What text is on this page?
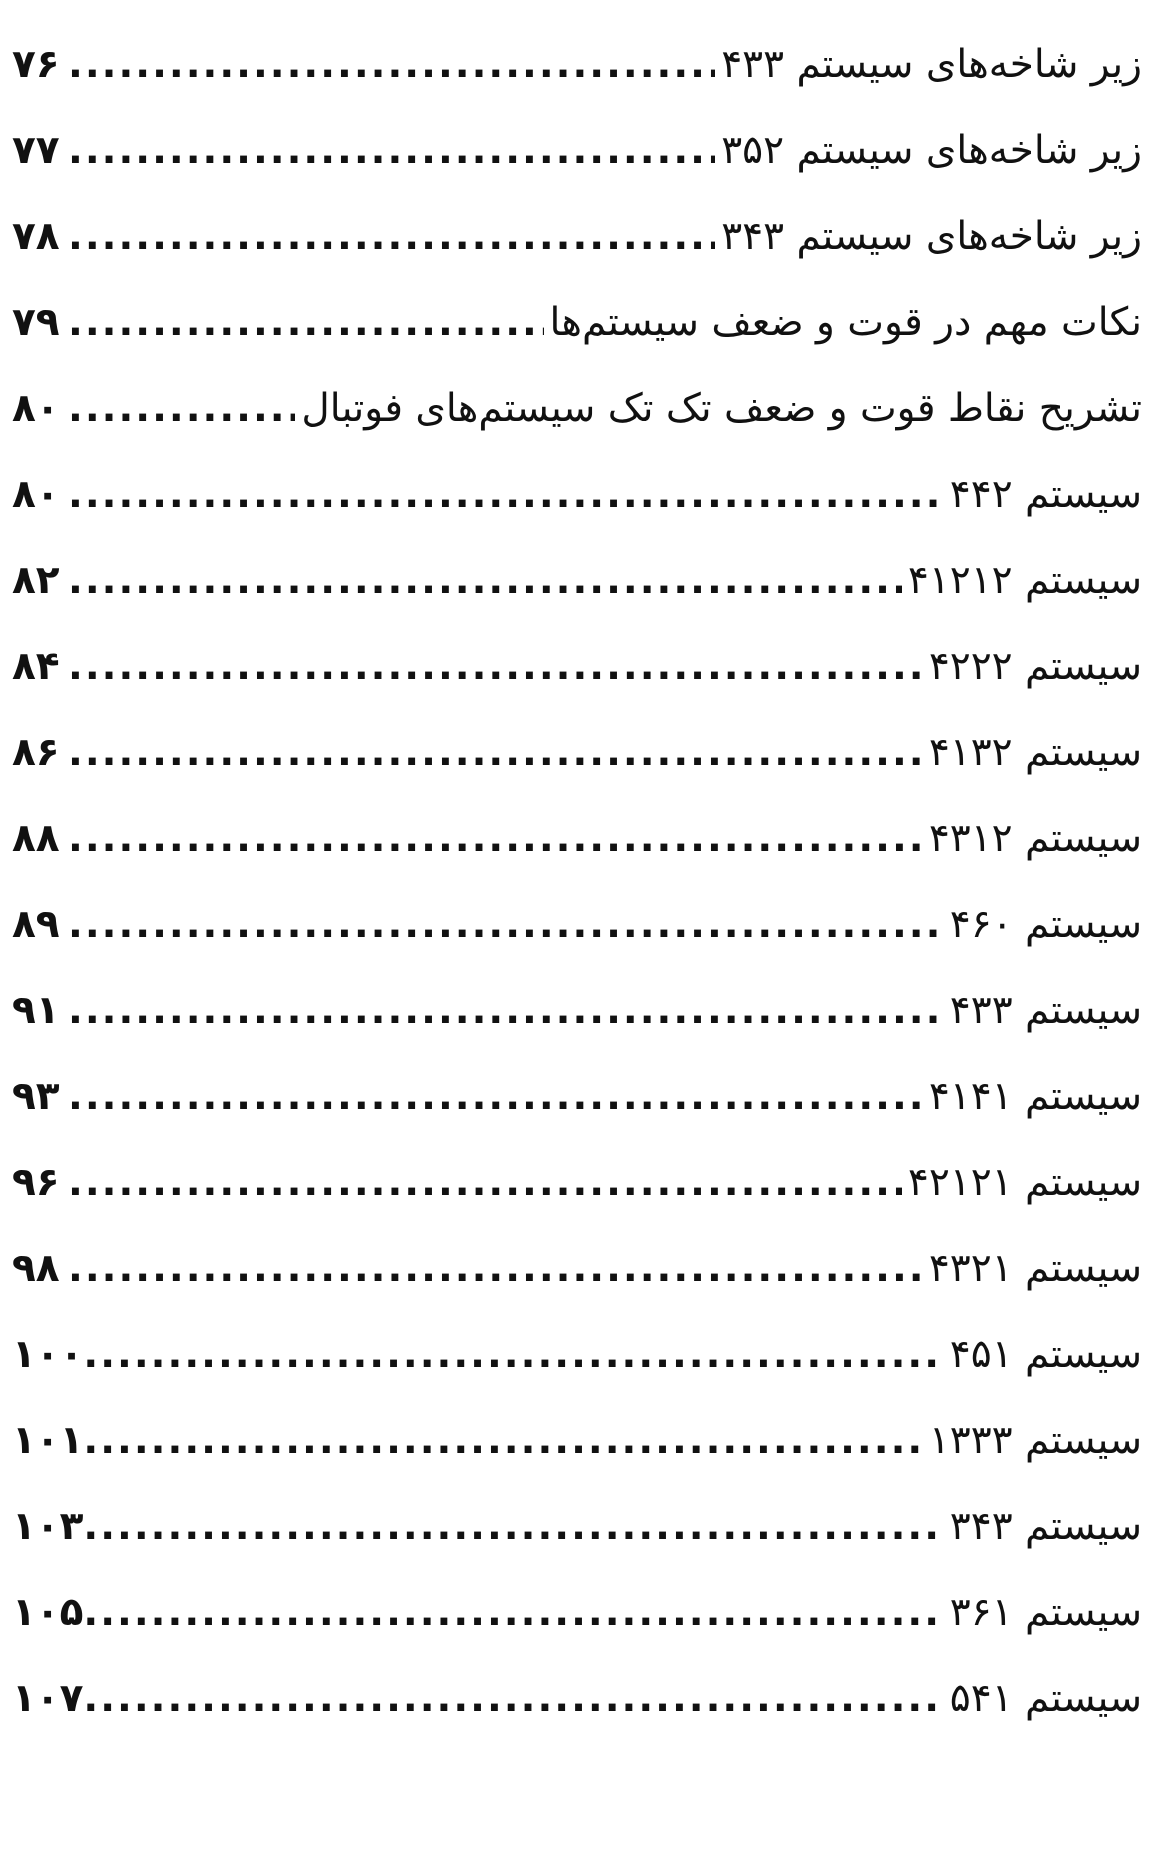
زیر شاخه‌های سیستم ۴۳۳
.....
۷۶
زیر شاخه‌های سیستم ۳۵۲
.....
۷۷
زیر شاخه‌های سیستم ۳۴۳
.....
۷۸
نکات مهم در قوت و ضعف سیستم‌ها
.....
۷۹
تشریح نقاط قوت و ضعف تک تک سیستم‌های فوتبال
.....
۸۰
سیستم ۴۴۲
.....
۸۰
سیستم ۴۱۲۱۲
.....
۸۲
سیستم ۴۲۲۲
.....
۸۴
سیستم ۴۱۳۲
.....
۸۶
سیستم ۴۳۱۲
.....
۸۸
سیستم ۴۶۰
.....
۸۹
سیستم ۴۳۳
.....
۹۱
سیستم ۴۱۴۱
.....
۹۳
سیستم ۴۲۱۲۱
.....
۹۶
سیستم ۴۳۲۱
.....
۹۸
سیستم ۴۵۱
.....
۱۰۰
سیستم ۱۳۳۳
.....
۱۰۱
سیستم ۳۴۳
.....
۱۰۳
سیستم ۳۶۱
.....
۱۰۵
سیستم ۵۴۱
.....
۱۰۷
